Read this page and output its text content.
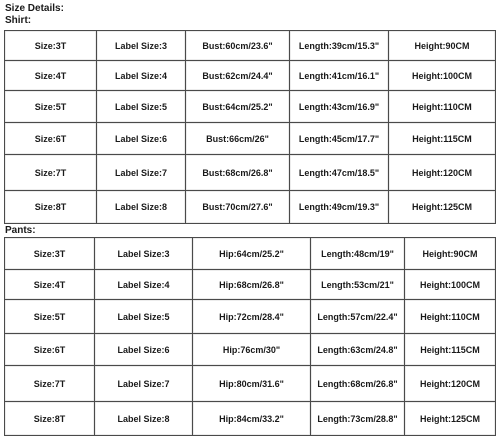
Size Details:
Shirt:
Size:3T	Label Size:3	Bust:60cm/23.6"	Length:39cm/15.3"	Height:90CM
Size:4T	Label Size:4	Bust:62cm/24.4"	Length:41cm/16.1"	Height:100CM
Size:5T	Label Size:5	Bust:64cm/25.2"	Length:43cm/16.9"	Height:110CM
Size:6T	Label Size:6	Bust:66cm/26"	Length:45cm/17.7"	Height:115CM
Size:7T	Label Size:7	Bust:68cm/26.8"	Length:47cm/18.5"	Height:120CM
Size:8T	Label Size:8	Bust:70cm/27.6"	Length:49cm/19.3"	Height:125CM
Pants:
Size:3T	Label Size:3	Hip:64cm/25.2"	Length:48cm/19"	Height:90CM
Size:4T	Label Size:4	Hip:68cm/26.8"	Length:53cm/21"	Height:100CM
Size:5T	Label Size:5	Hip:72cm/28.4"	Length:57cm/22.4"	Height:110CM
Size:6T	Label Size:6	Hip:76cm/30"	Length:63cm/24.8"	Height:115CM
Size:7T	Label Size:7	Hip:80cm/31.6"	Length:68cm/26.8"	Height:120CM
Size:8T	Label Size:8	Hip:84cm/33.2"	Length:73cm/28.8"	Height:125CM
